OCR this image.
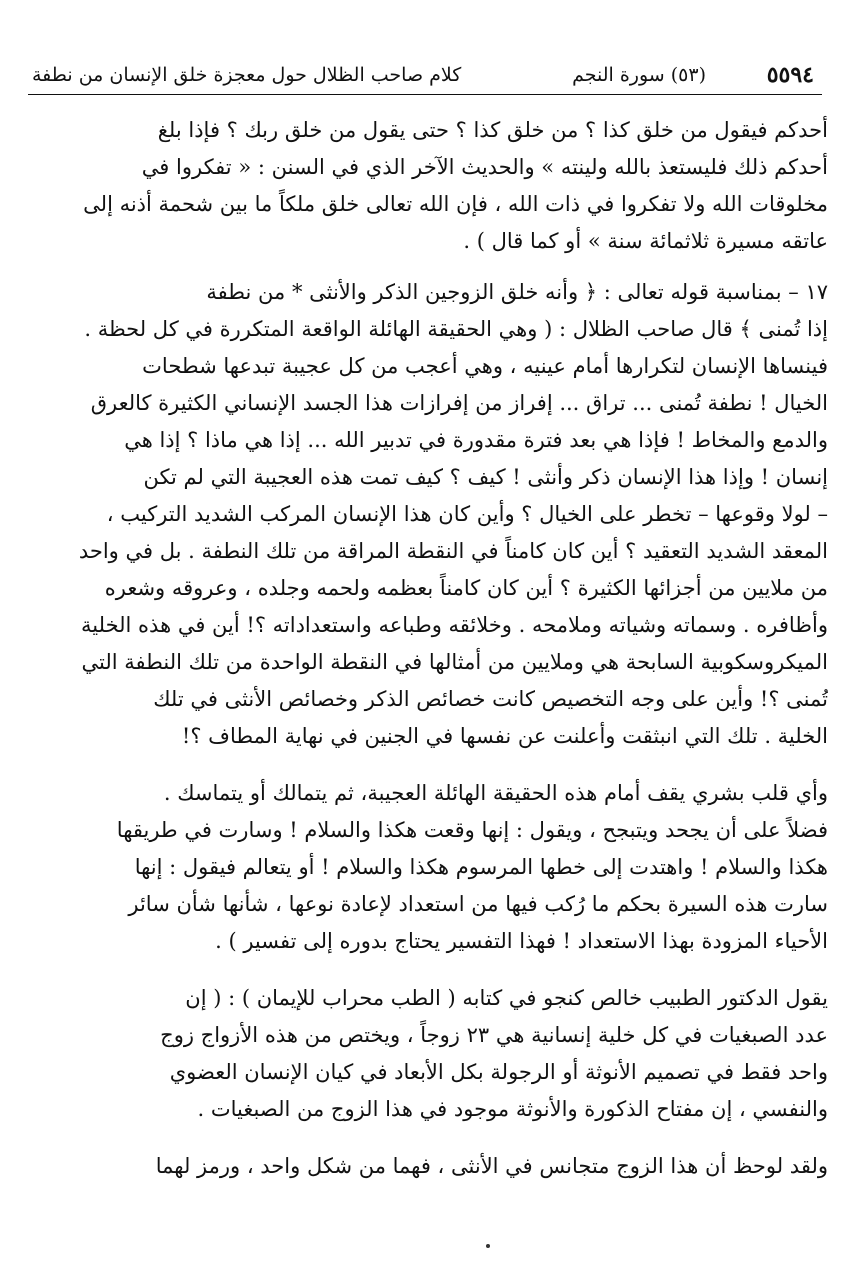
٥٥٩٤
(٥٣) سورة النجم
كلام صاحب الظلال حول معجزة خلق الإنسان من نطفة
أحدكم فيقول من خلق كذا ؟ من خلق كذا ؟ حتى يقول من خلق ربك ؟ فإذا بلغ
أحدكم ذلك فليستعذ بالله ولينته » والحديث الآخر الذي في السنن : « تفكروا في
مخلوقات الله ولا تفكروا في ذات الله ، فإن الله تعالى خلق ملكاً ما بين شحمة أذنه إلى
عاتقه مسيرة ثلاثمائة سنة » أو كما قال ) .
١٧ – بمناسبة قوله تعالى : ﴿ وأنه خلق الزوجين الذكر والأنثى * من نطفة
إذا تُمنى ﴾ قال صاحب الظلال : ( وهي الحقيقة الهائلة الواقعة المتكررة في كل لحظة .
فينساها الإنسان لتكرارها أمام عينيه ، وهي أعجب من كل عجيبة تبدعها شطحات
الخيال ! نطفة تُمنى ... تراق ... إفراز من إفرازات هذا الجسد الإنساني الكثيرة كالعرق
والدمع والمخاط ! فإذا هي بعد فترة مقدورة في تدبير الله ... إذا هي ماذا ؟ إذا هي
إنسان ! وإذا هذا الإنسان ذكر وأنثى ! كيف ؟ كيف تمت هذه العجيبة التي لم تكن
– لولا وقوعها – تخطر على الخيال ؟ وأين كان هذا الإنسان المركب الشديد التركيب ،
المعقد الشديد التعقيد ؟ أين كان كامناً في النقطة المراقة من تلك النطفة . بل في واحد
من ملايين من أجزائها الكثيرة ؟ أين كان كامناً بعظمه ولحمه وجلده ، وعروقه وشعره
وأظافره . وسماته وشياته وملامحه . وخلائقه وطباعه واستعداداته ؟! أين في هذه الخلية
الميكروسكوبية السابحة هي وملايين من أمثالها في النقطة الواحدة من تلك النطفة التي
تُمنى ؟! وأين على وجه التخصيص كانت خصائص الذكر وخصائص الأنثى في تلك
الخلية . تلك التي انبثقت وأعلنت عن نفسها في الجنين في نهاية المطاف ؟!
وأي قلب بشري يقف أمام هذه الحقيقة الهائلة العجيبة، ثم يتمالك أو يتماسك .
فضلاً على أن يجحد ويتبجح ، ويقول : إنها وقعت هكذا والسلام ! وسارت في طريقها
هكذا والسلام ! واهتدت إلى خطها المرسوم هكذا والسلام ! أو يتعالم فيقول : إنها
سارت هذه السيرة بحكم ما رُكب فيها من استعداد لإعادة نوعها ، شأنها شأن سائر
الأحياء المزودة بهذا الاستعداد ! فهذا التفسير يحتاج بدوره إلى تفسير ) .
يقول الدكتور الطبيب خالص كنجو في كتابه ( الطب محراب للإيمان ) : ( إن
عدد الصبغيات في كل خلية إنسانية هي ٢٣ زوجاً ، ويختص من هذه الأزواج زوج
واحد فقط في تصميم الأنوثة أو الرجولة بكل الأبعاد في كيان الإنسان العضوي
والنفسي ، إن مفتاح الذكورة والأنوثة موجود في هذا الزوج من الصبغيات .
ولقد لوحظ أن هذا الزوج متجانس في الأنثى ، فهما من شكل واحد ، ورمز لهما
